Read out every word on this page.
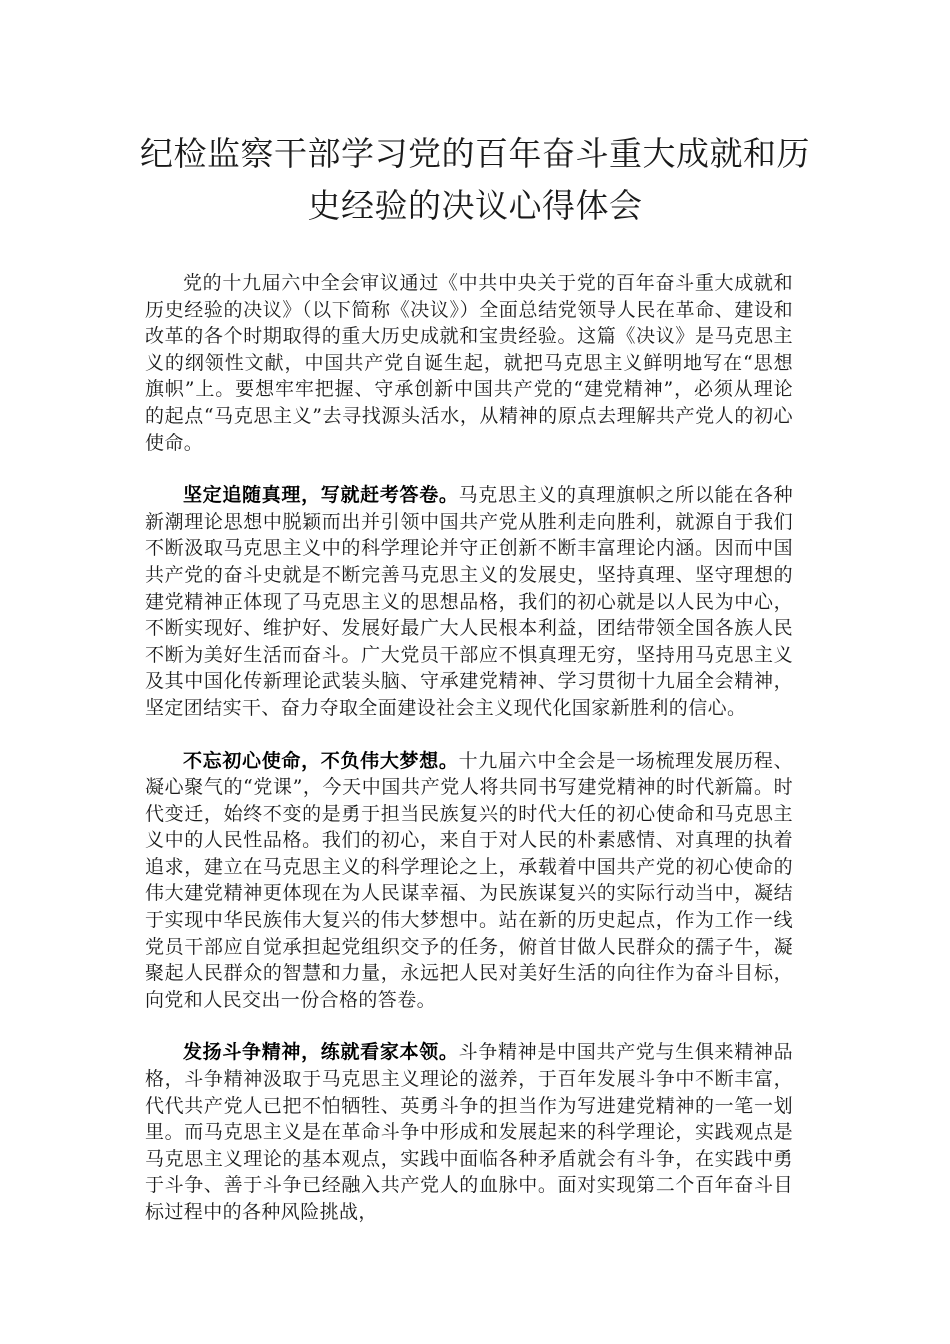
纪检监察干部学习党的百年奋斗重大成就和历史经验的决议心得体会

党的十九届六中全会审议通过《中共中央关于党的百年奋斗重大成就和历史经验的决议》（以下简称《决议》）全面总结党领导人民在革命、建设和改革的各个时期取得的重大历史成就和宝贵经验。这篇《决议》是马克思主义的纲领性文献，中国共产党自诞生起，就把马克思主义鲜明地写在“思想旗帜”上。要想牢牢把握、守承创新中国共产党的“建党精神”，必须从理论的起点“马克思主义”去寻找源头活水，从精神的原点去理解共产党人的初心使命。

坚定追随真理，写就赶考答卷。马克思主义的真理旗帜之所以能在各种新潮理论思想中脱颖而出并引领中国共产党从胜利走向胜利，就源自于我们不断汲取马克思主义中的科学理论并守正创新不断丰富理论内涵。因而中国共产党的奋斗史就是不断完善马克思主义的发展史，坚持真理、坚守理想的建党精神正体现了马克思主义的思想品格，我们的初心就是以人民为中心，不断实现好、维护好、发展好最广大人民根本利益，团结带领全国各族人民不断为美好生活而奋斗。广大党员干部应不惧真理无穷，坚持用马克思主义及其中国化传新理论武装头脑、守承建党精神、学习贯彻十九届全会精神，坚定团结实干、奋力夺取全面建设社会主义现代化国家新胜利的信心。

不忘初心使命，不负伟大梦想。十九届六中全会是一场梳理发展历程、凝心聚气的“党课”，今天中国共产党人将共同书写建党精神的时代新篇。时代变迁，始终不变的是勇于担当民族复兴的时代大任的初心使命和马克思主义中的人民性品格。我们的初心，来自于对人民的朴素感情、对真理的执着追求，建立在马克思主义的科学理论之上，承载着中国共产党的初心使命的伟大建党精神更体现在为人民谋幸福、为民族谋复兴的实际行动当中，凝结于实现中华民族伟大复兴的伟大梦想中。站在新的历史起点，作为工作一线党员干部应自觉承担起党组织交予的任务，俯首甘做人民群众的孺子牛，凝聚起人民群众的智慧和力量，永远把人民对美好生活的向往作为奋斗目标，向党和人民交出一份合格的答卷。

发扬斗争精神，练就看家本领。斗争精神是中国共产党与生俱来精神品格，斗争精神汲取于马克思主义理论的滋养，于百年发展斗争中不断丰富，代代共产党人已把不怕牺牲、英勇斗争的担当作为写进建党精神的一笔一划里。而马克思主义是在革命斗争中形成和发展起来的科学理论，实践观点是马克思主义理论的基本观点，实践中面临各种矛盾就会有斗争，在实践中勇于斗争、善于斗争已经融入共产党人的血脉中。面对实现第二个百年奋斗目标过程中的各种风险挑战，
